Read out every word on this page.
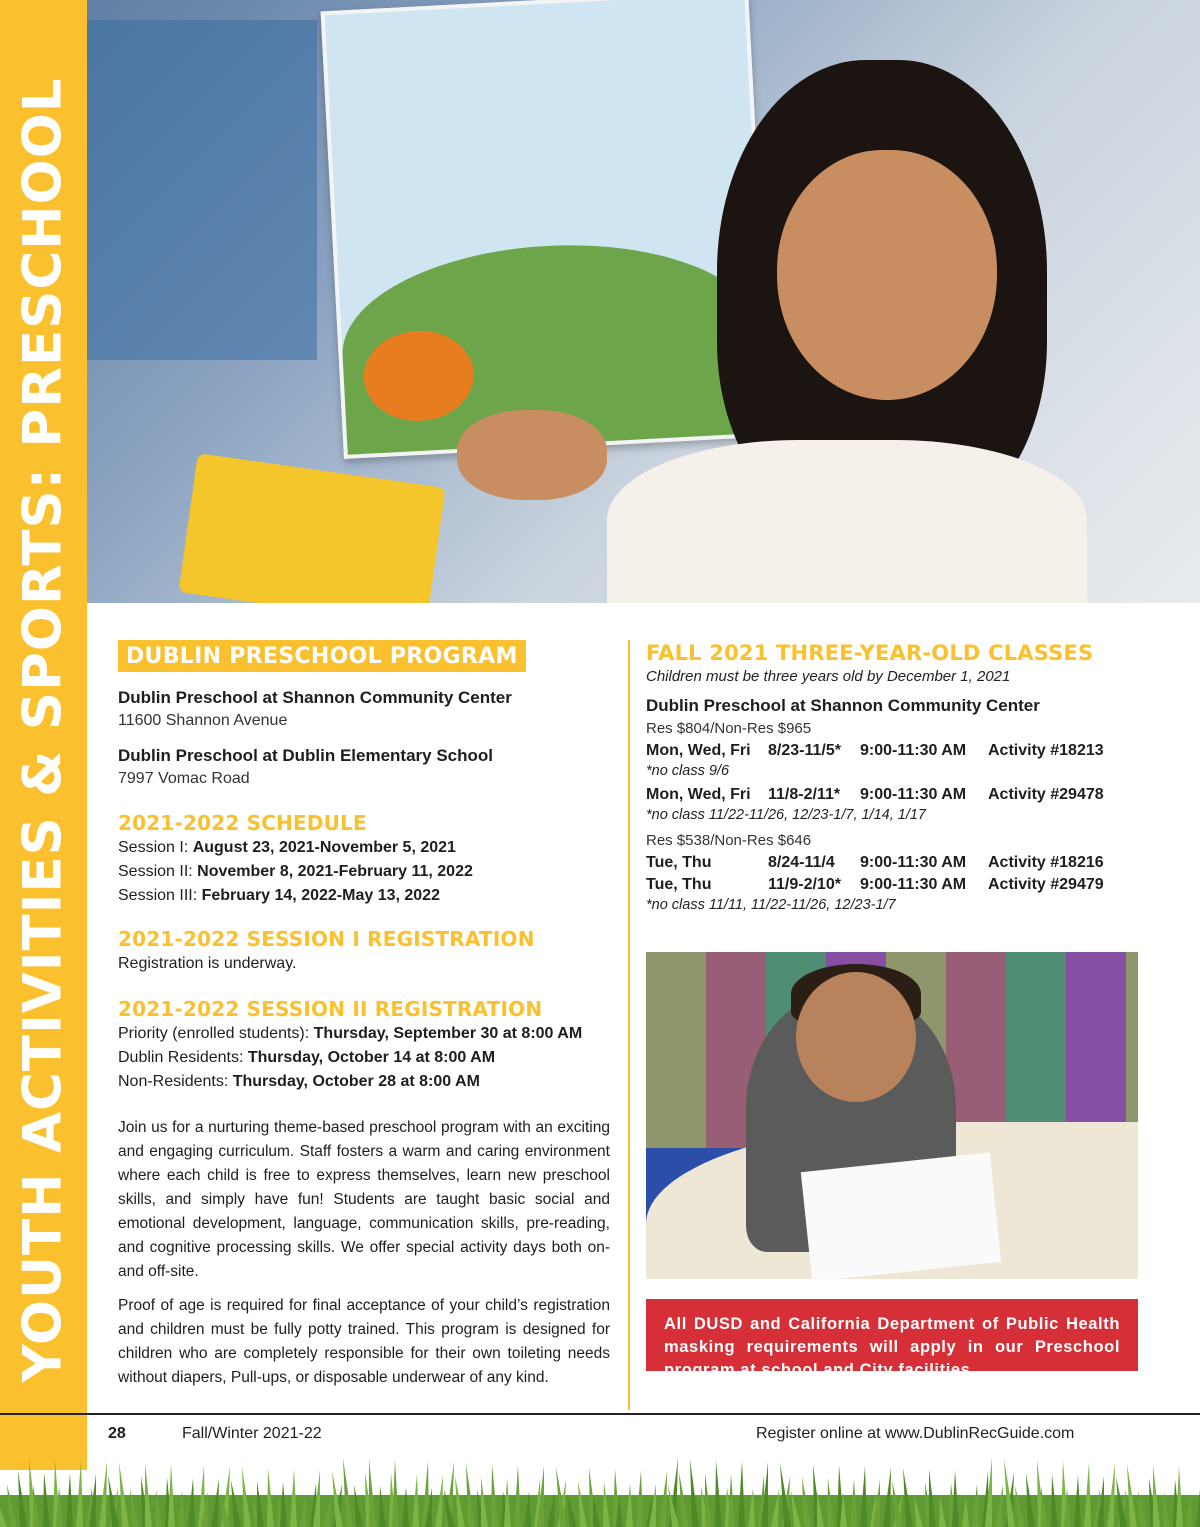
YOUTH ACTIVITIES & SPORTS: PRESCHOOL	DUBLIN PRESCHOOL PROGRAM

Dublin Preschool at Shannon Community Center

11600 Shannon Avenue

Dublin Preschool at Dublin Elementary School

7997 Vomac Road

2021-2022 SCHEDULE

Session I: August 23, 2021-November 5, 2021

Session II: November 8, 2021-February 11, 2022

Session III: February 14, 2022-May 13, 2022

2021-2022 SESSION I REGISTRATION

Registration is underway.

2021-2022 SESSION II REGISTRATION

Priority (enrolled students): Thursday, September 30 at 8:00 AM

Dublin Residents: Thursday, October 14 at 8:00 AM

Non-Residents: Thursday, October 28 at 8:00 AM

Join us for a nurturing theme-based preschool program with an exciting and engaging curriculum. Staff fosters a warm and caring environment where each child is free to express themselves, learn new preschool skills, and simply have fun! Students are taught basic social and emotional development, language, communication skills, pre-reading, and cognitive processing skills. We offer special activity days both on- and off-site.

Proof of age is required for final acceptance of your child’s registration and children must be fully potty trained. This program is designed for children who are completely responsible for their own toileting needs without diapers, Pull-ups, or disposable underwear of any kind.

FALL 2021 THREE-YEAR-OLD CLASSES

Children must be three years old by December 1, 2021

Dublin Preschool at Shannon Community Center

Res $804/Non-Res $965

Mon, Wed, Fri	8/23-11/5*	9:00-11:30 AM	Activity #18213

*no class 9/6

Mon, Wed, Fri	11/8-2/11*	9:00-11:30 AM	Activity #29478

*no class 11/22-11/26, 12/23-1/7, 1/14, 1/17

Res $538/Non-Res $646

Tue, Thu	8/24-11/4	9:00-11:30 AM	Activity #18216
Tue, Thu	11/9-2/10*	9:00-11:30 AM	Activity #29479

*no class 11/11, 11/22-11/26, 12/23-1/7

All DUSD and California Department of Public Health masking requirements will apply in our Preschool program at school and City facilities.
28	Fall/Winter 2021-22	Register online at www.DublinRecGuide.com
